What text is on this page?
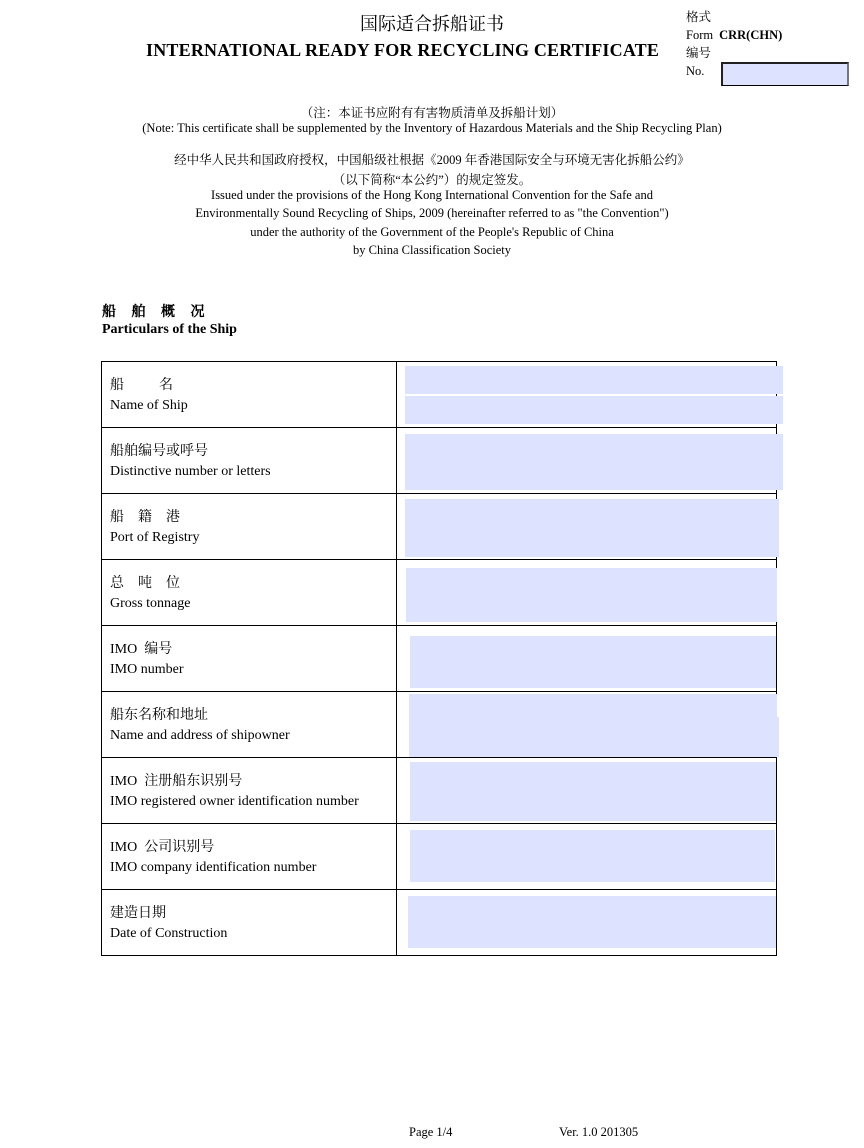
国际适合拆船证书
INTERNATIONAL READY FOR RECYCLING CERTIFICATE
格式
Form CRR(CHN)
编号
No.
（注：本证书应附有有害物质清单及拆船计划）
(Note: This certificate shall be supplemented by the Inventory of Hazardous Materials and the Ship Recycling Plan)
经中华人民共和国政府授权，中国船级社根据《2009 年香港国际安全与环境无害化拆船公约》
（以下简称“本公约”）的规定签发。
Issued under the provisions of the Hong Kong International Convention for the Safe and
Environmentally Sound Recycling of Ships, 2009 (hereinafter referred to as "the Convention")
under the authority of the Government of the People's Republic of China
by China Classification Society
船 舶 概 况
Particulars of the Ship
船          名
Name of Ship

船舶编号或呼号
Distinctive number or letters

船    籍    港
Port of Registry

总    吨    位
Gross tonnage

IMO  编号
IMO number

船东名称和地址
Name and address of shipowner

IMO  注册船东识别号
IMO registered owner identification number

IMO  公司识别号
IMO company identification number

建造日期
Date of Construction

Page 1/4	Ver. 1.0 201305
